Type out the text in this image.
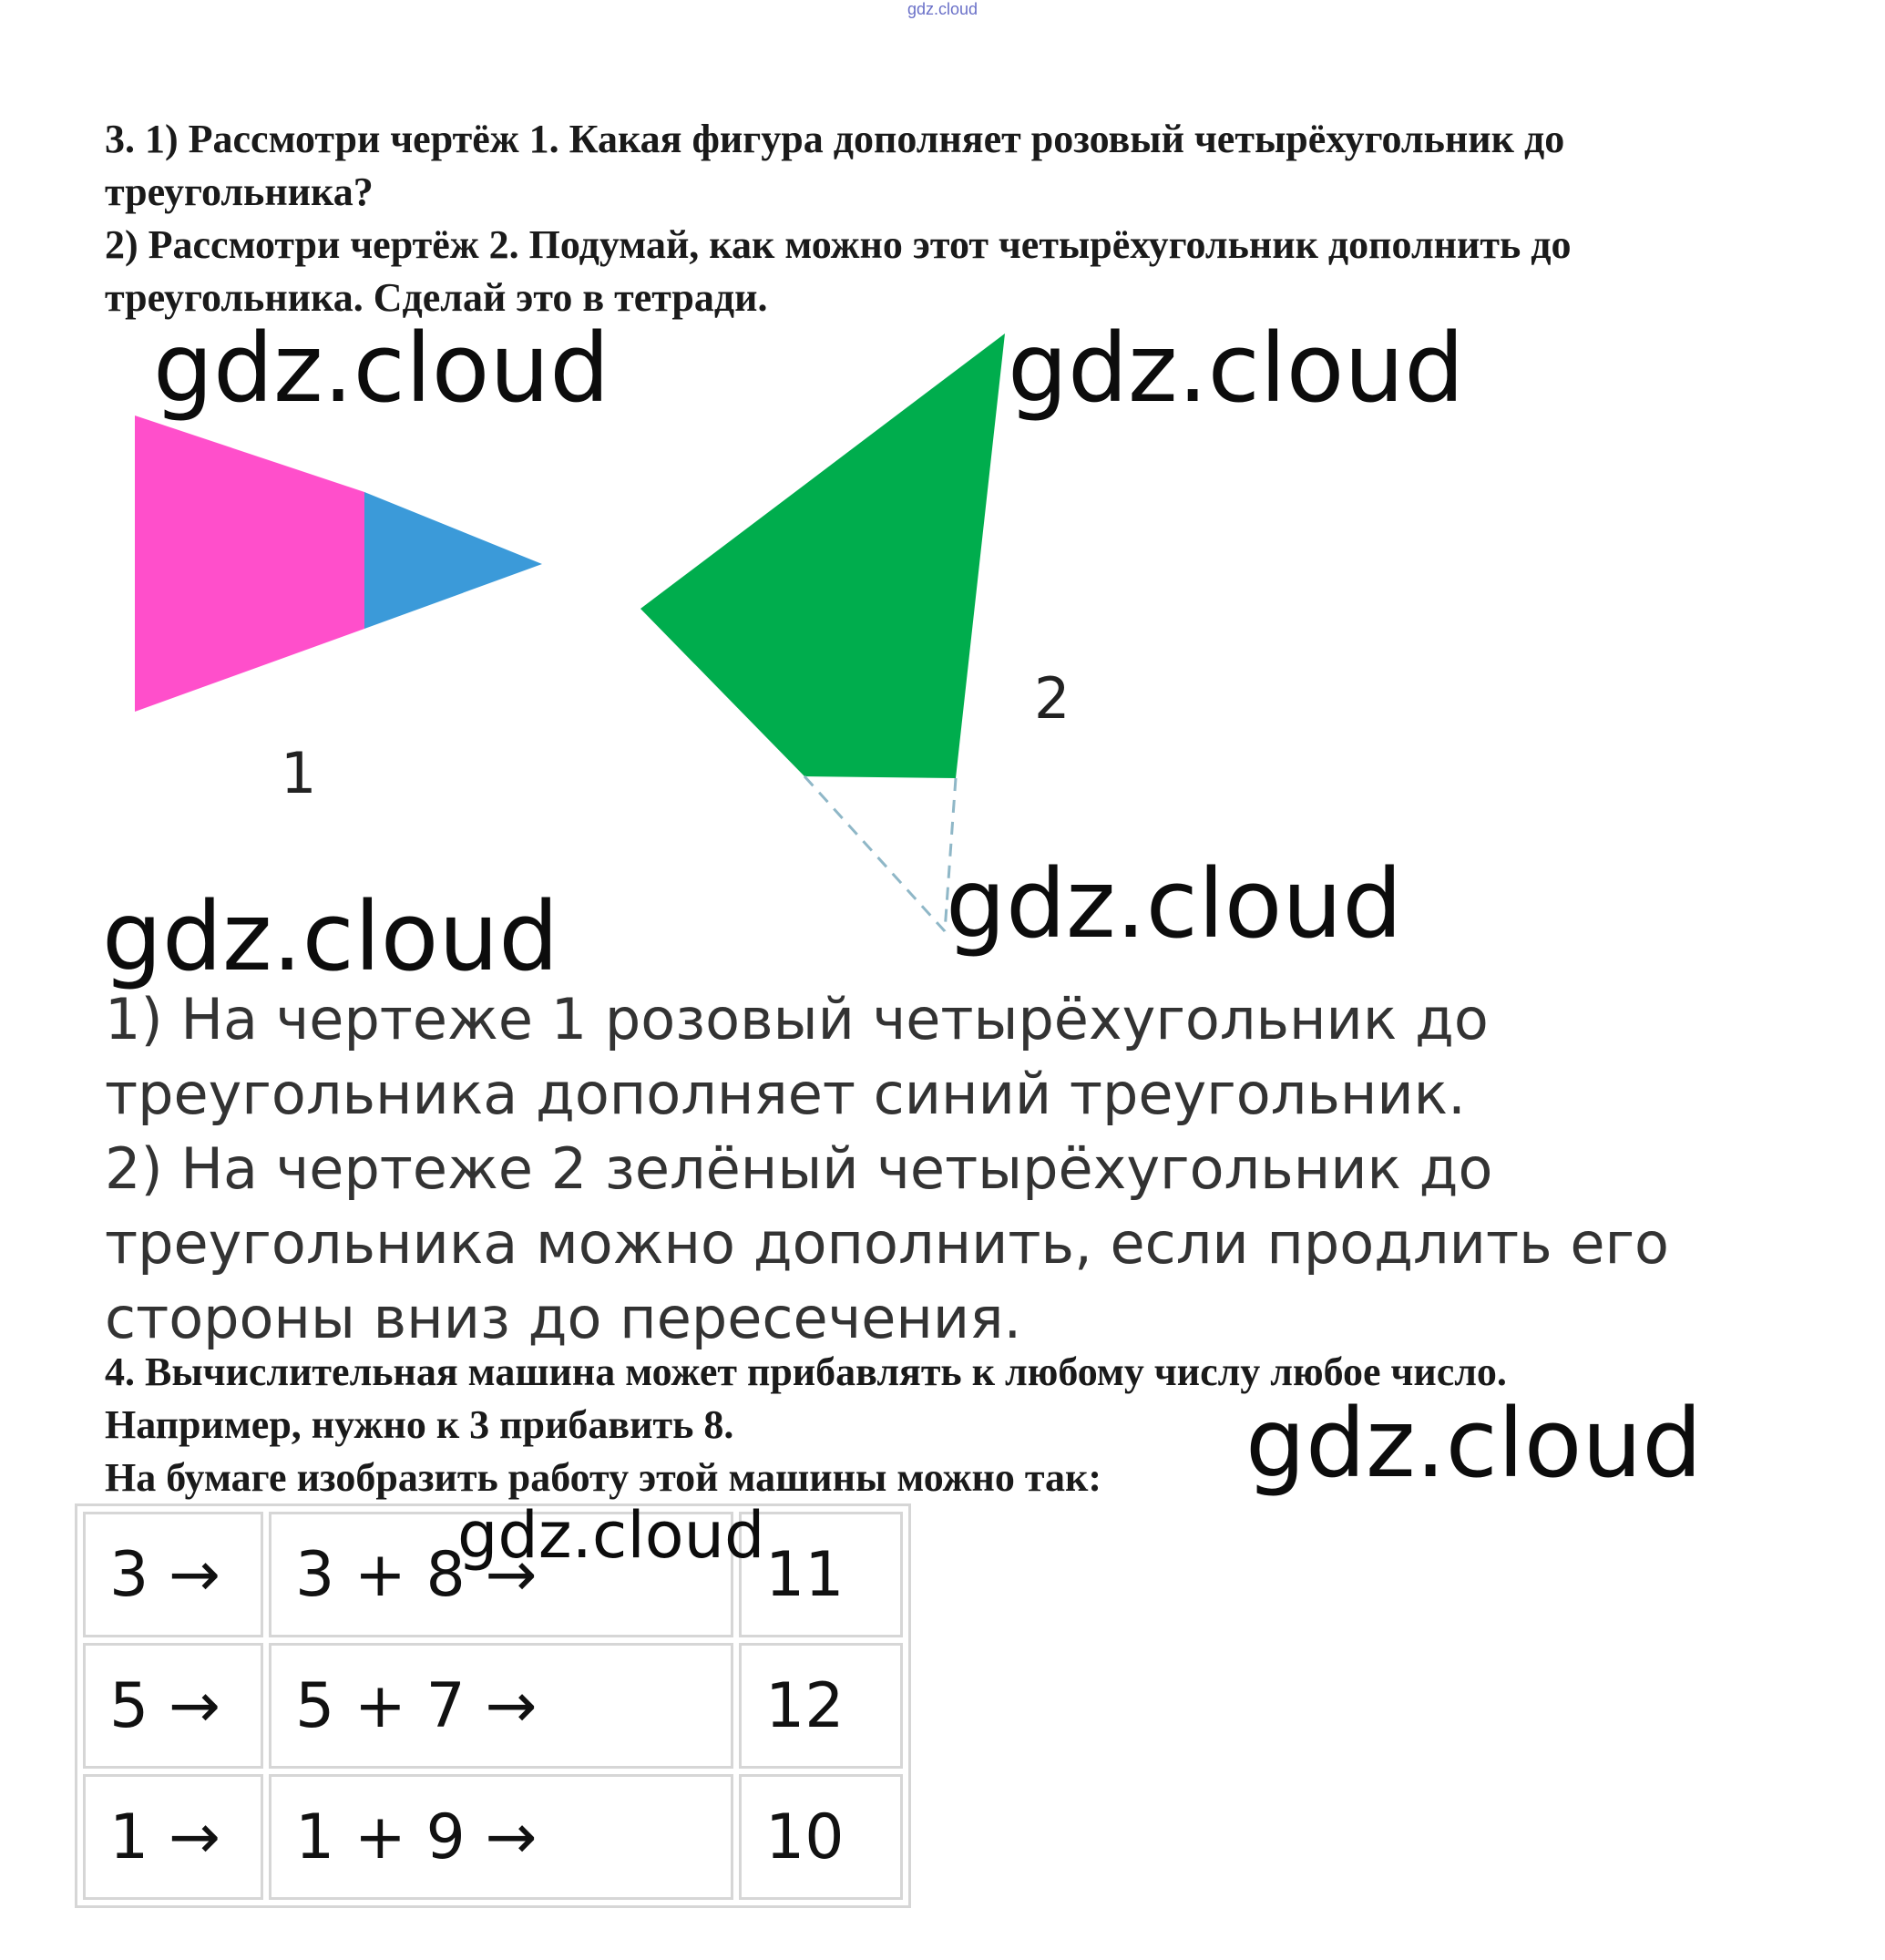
gdz.cloud
3. 1) Рассмотри чертёж 1. Какая фигура дополняет розовый четырёхугольник до
треугольника?
2) Рассмотри чертёж 2. Подумай, как можно этот четырёхугольник дополнить до
треугольника. Сделай это в тетради.
1
2
gdz.cloud	gdz.cloud
gdz.cloud
gdz.cloud
1) На чертеже 1 розовый четырёхугольник до
треугольника дополняет синий треугольник.
2) На чертеже 2 зелёный четырёхугольник до
треугольника можно дополнить, если продлить его
стороны вниз до пересечения.
4. Вычислительная машина может прибавлять к любому числу любое число.
Например, нужно к 3 прибавить 8.
На бумаге изобразить работу этой машины можно так:	gdz.cloud
3 →	3 + 8 →	11
5 →	5 + 7 →	12
1 →	1 + 9 →	10
gdz.cloud
